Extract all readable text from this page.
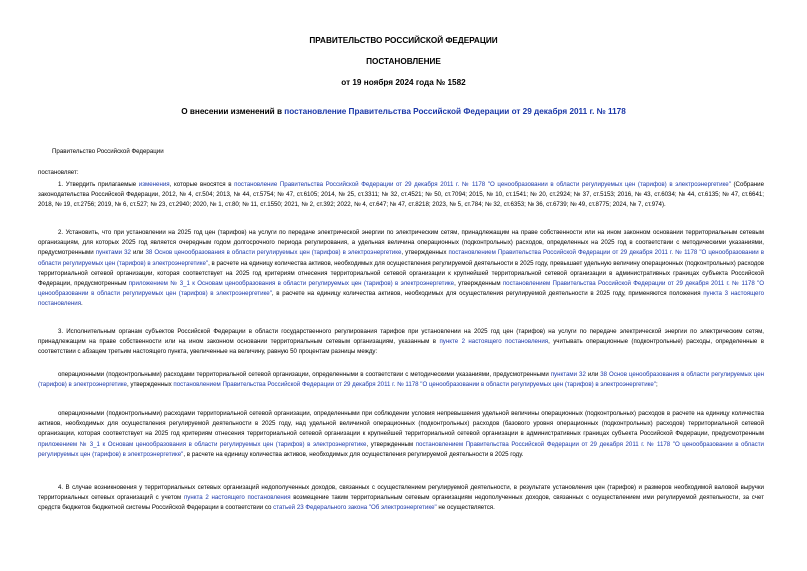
ПРАВИТЕЛЬСТВО РОССИЙСКОЙ ФЕДЕРАЦИИ
ПОСТАНОВЛЕНИЕ
от 19 ноября 2024 года № 1582
О внесении изменений в постановление Правительства Российской Федерации от 29 декабря 2011 г. № 1178
Правительство Российской Федерации
постановляет:
1. Утвердить прилагаемые изменения, которые вносятся в постановление Правительства Российской Федерации от 29 декабря 2011 г. № 1178 "О ценообразовании в области регулируемых цен (тарифов) в электроэнергетике" (Собрание законодательства Российской Федерации, 2012, № 4, ст.504; 2013, № 44, ст.5754; № 47, ст.6105; 2014, № 25, ст.3311; № 32, ст.4521; № 50, ст.7094; 2015, № 10, ст.1541; № 20, ст.2924; № 37, ст.5153; 2016, № 43, ст.6034; № 44, ст.6135; № 47, ст.6641; 2018, № 19, ст.2756; 2019, № 6, ст.527; № 23, ст.2940; 2020, № 1, ст.80; № 11, ст.1550; 2021, № 2, ст.392; 2022, № 4, ст.647; № 47, ст.8218; 2023, № 5, ст.784; № 32, ст.6353; № 36, ст.6739; № 49, ст.8775; 2024, № 7, ст.974).
2. Установить, что при установлении на 2025 год цен (тарифов) на услуги по передаче электрической энергии по электрическим сетям, принадлежащим на праве собственности или на ином законном основании территориальным сетевым организациям, для которых 2025 год является очередным годом долгосрочного периода регулирования, а удельная величина операционных (подконтрольных) расходов, определенных на 2025 год в соответствии с методическими указаниями, предусмотренными пунктами 32 или 38 Основ ценообразования в области регулируемых цен (тарифов) в электроэнергетике, утвержденных постановлением Правительства Российской Федерации от 29 декабря 2011 г. № 1178 "О ценообразовании в области регулируемых цен (тарифов) в электроэнергетике", в расчете на единицу количества активов, необходимых для осуществления регулируемой деятельности в 2025 году, превышает удельную величину операционных (подконтрольных) расходов территориальной сетевой организации, которая соответствует на 2025 год критериям отнесения территориальной сетевой организации к крупнейшей территориальной сетевой организации в административных границах субъекта Российской Федерации, предусмотренным приложением № 3_1 к Основам ценообразования в области регулируемых цен (тарифов) в электроэнергетике, утвержденным постановлением Правительства Российской Федерации от 29 декабря 2011 г. № 1178 "О ценообразовании в области регулируемых цен (тарифов) в электроэнергетике", в расчете на единицу количества активов, необходимых для осуществления регулируемой деятельности в 2025 году, применяются положения пункта 3 настоящего постановления.
3. Исполнительным органам субъектов Российской Федерации в области государственного регулирования тарифов при установлении на 2025 год цен (тарифов) на услуги по передаче электрической энергии по электрическим сетям, принадлежащим на праве собственности или на ином законном основании территориальным сетевым организациям, указанным в пункте 2 настоящего постановления, учитывать операционные (подконтрольные) расходы, определенные в соответствии с абзацем третьим настоящего пункта, увеличенные на величину, равную 50 процентам разницы между:
операционными (подконтрольными) расходами территориальной сетевой организации, определенными в соответствии с методическими указаниями, предусмотренными пунктами 32 или 38 Основ ценообразования в области регулируемых цен (тарифов) в электроэнергетике, утвержденных постановлением Правительства Российской Федерации от 29 декабря 2011 г. № 1178 "О ценообразовании в области регулируемых цен (тарифов) в электроэнергетике";
операционными (подконтрольными) расходами территориальной сетевой организации, определенными при соблюдении условия непревышения удельной величины операционных (подконтрольных) расходов в расчете на единицу количества активов, необходимых для осуществления регулируемой деятельности в 2025 году, над удельной величиной операционных (подконтрольных) расходов (базового уровня операционных (подконтрольных) расходов) территориальной сетевой организации, которая соответствует на 2025 год критериям отнесения территориальной сетевой организации к крупнейшей территориальной сетевой организации в административных границах субъекта Российской Федерации, предусмотренным приложением № 3_1 к Основам ценообразования в области регулируемых цен (тарифов) в электроэнергетике, утвержденным постановлением Правительства Российской Федерации от 29 декабря 2011 г. № 1178 "О ценообразовании в области регулируемых цен (тарифов) в электроэнергетике", в расчете на единицу количества активов, необходимых для осуществления регулируемой деятельности в 2025 году.
4. В случае возникновения у территориальных сетевых организаций недополученных доходов, связанных с осуществлением регулируемой деятельности, в результате установления цен (тарифов) и размеров необходимой валовой выручки территориальных сетевых организаций с учетом пункта 2 настоящего постановления возмещение таким территориальным сетевым организациям недополученных доходов, связанных с осуществлением ими регулируемой деятельности, за счет средств бюджетов бюджетной системы Российской Федерации в соответствии со статьей 23 Федерального закона "Об электроэнергетике" не осуществляется.
